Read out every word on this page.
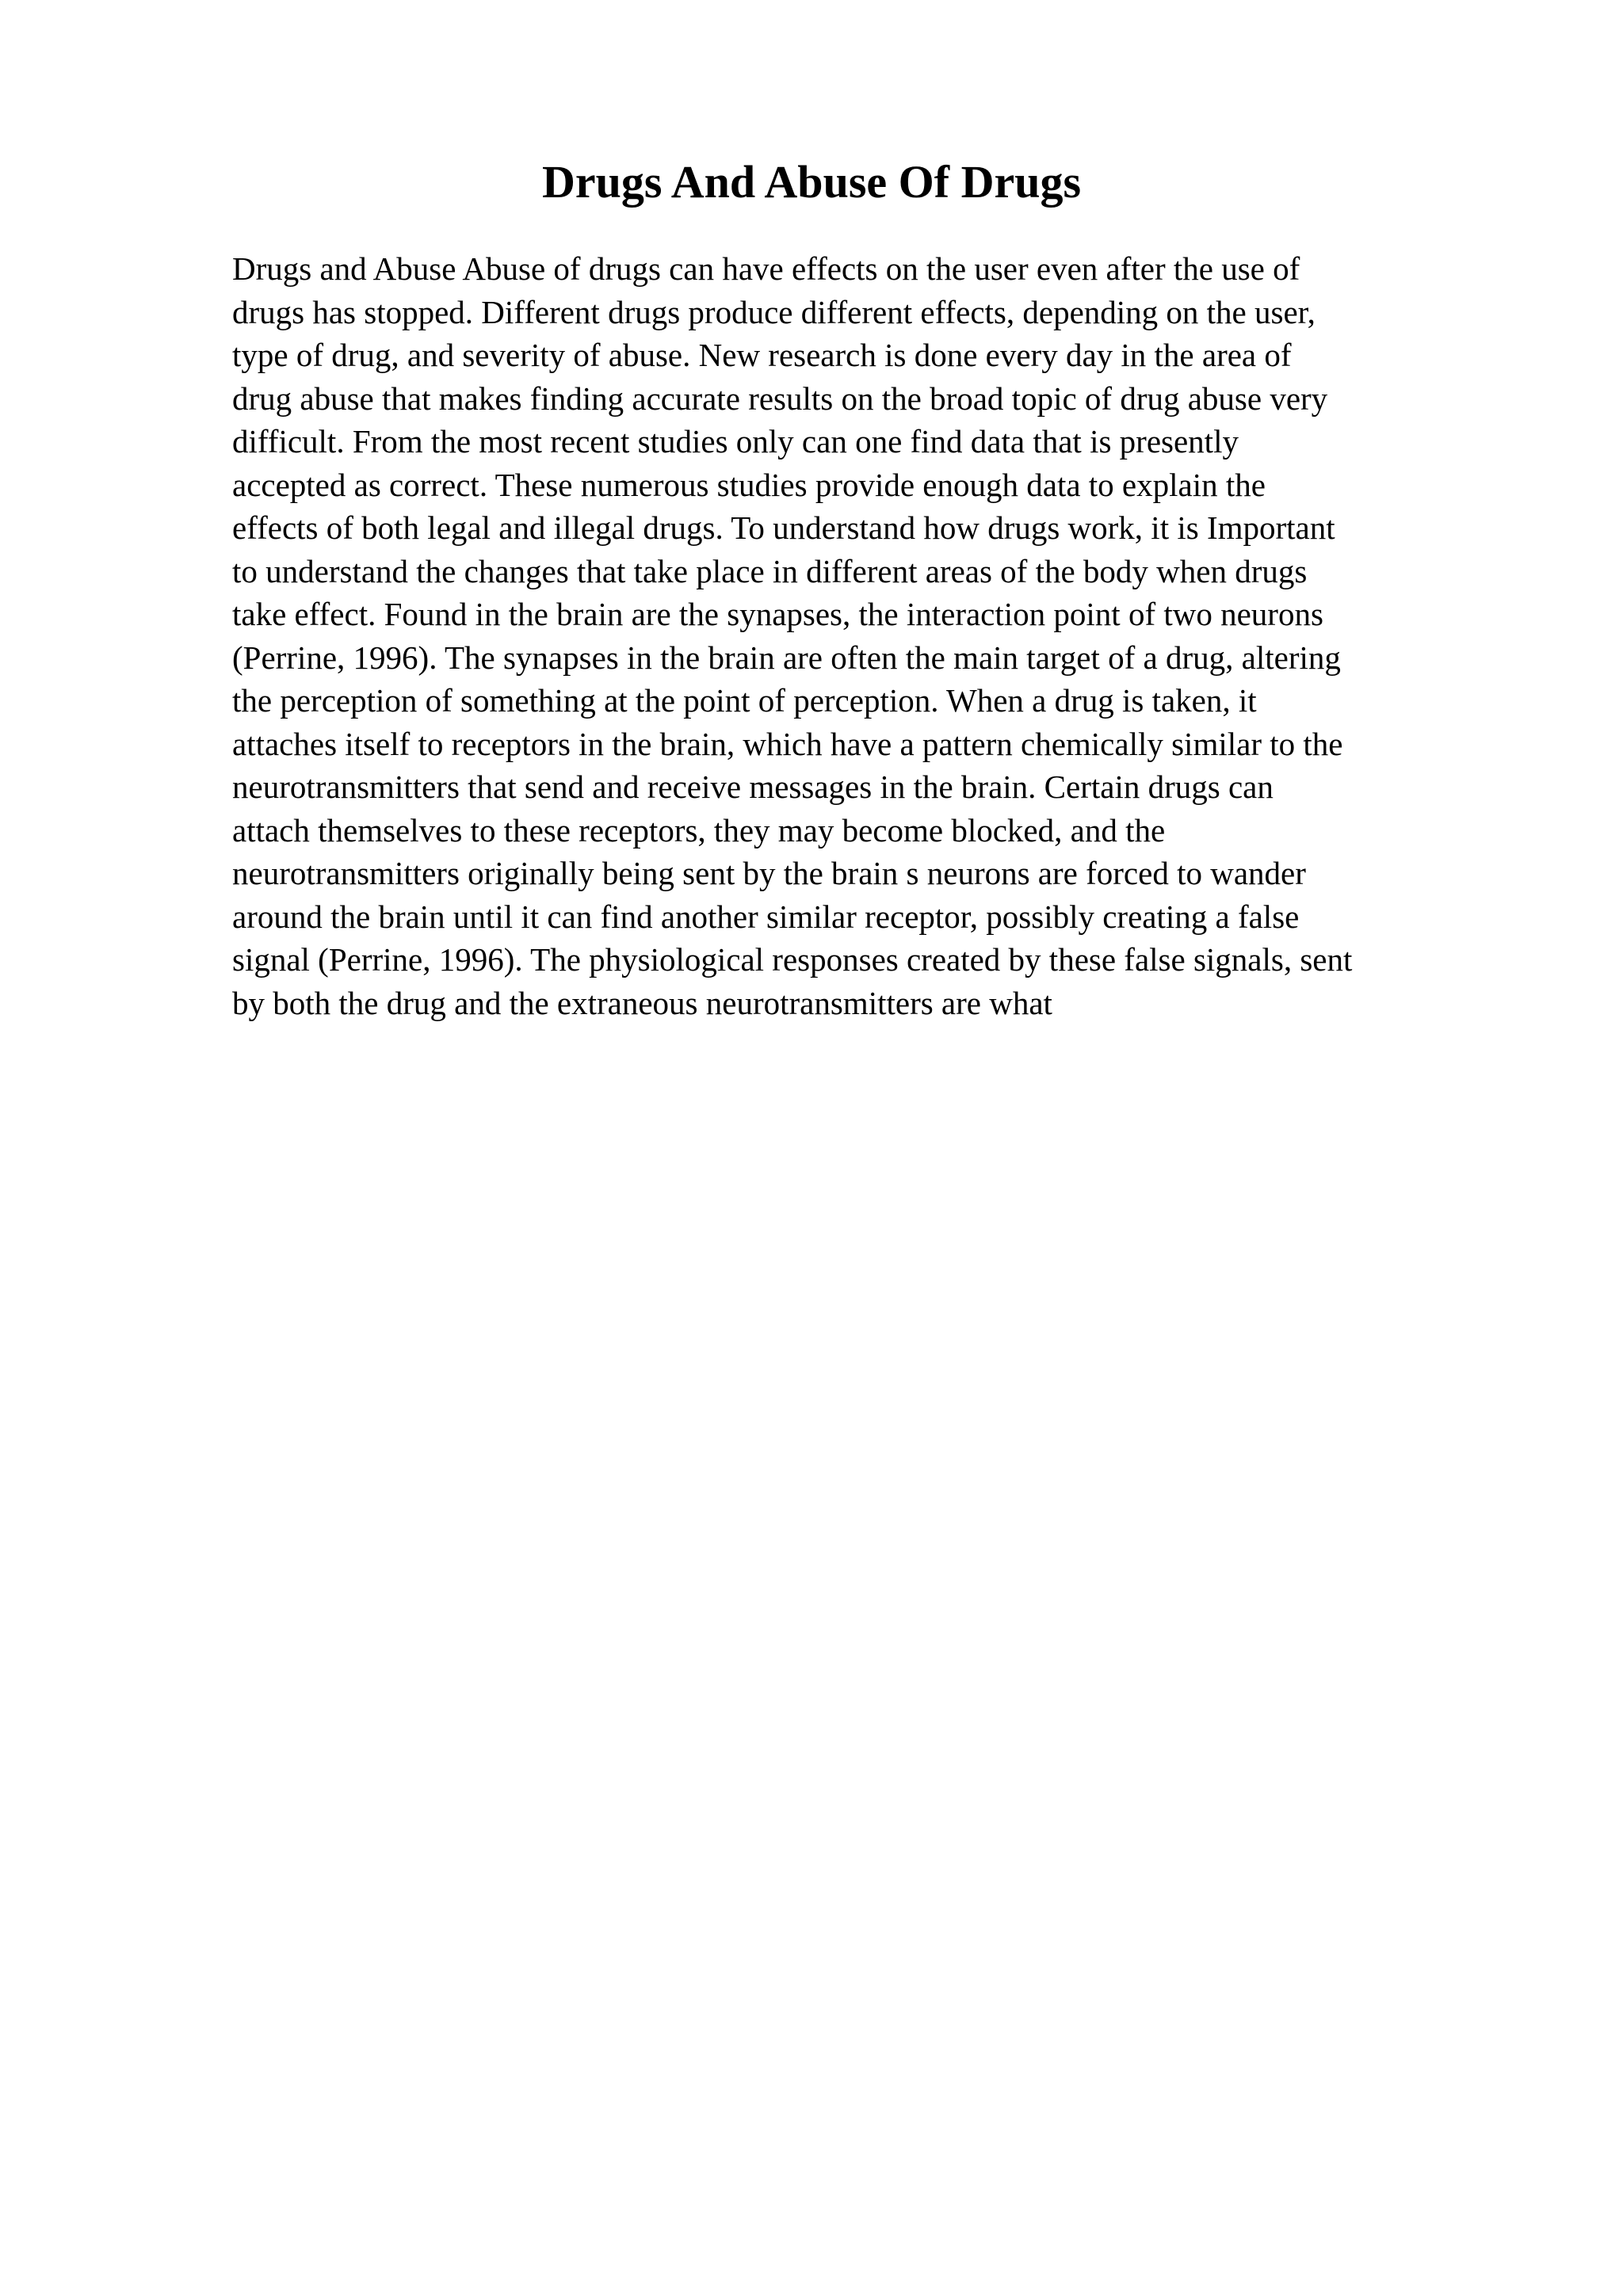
Drugs And Abuse Of Drugs
Drugs and Abuse Abuse of drugs can have effects on the user even after the use of
drugs has stopped. Different drugs produce different effects, depending on the user,
type of drug, and severity of abuse. New research is done every day in the area of
drug abuse that makes finding accurate results on the broad topic of drug abuse very
difficult. From the most recent studies only can one find data that is presently
accepted as correct. These numerous studies provide enough data to explain the
effects of both legal and illegal drugs. To understand how drugs work, it is Important
to understand the changes that take place in different areas of the body when drugs
take effect. Found in the brain are the synapses, the interaction point of two neurons
(Perrine, 1996). The synapses in the brain are often the main target of a drug, altering
the perception of something at the point of perception. When a drug is taken, it
attaches itself to receptors in the brain, which have a pattern chemically similar to the
neurotransmitters that send and receive messages in the brain. Certain drugs can
attach themselves to these receptors, they may become blocked, and the
neurotransmitters originally being sent by the brain s neurons are forced to wander
around the brain until it can find another similar receptor, possibly creating a false
signal (Perrine, 1996). The physiological responses created by these false signals, sent
by both the drug and the extraneous neurotransmitters are what
